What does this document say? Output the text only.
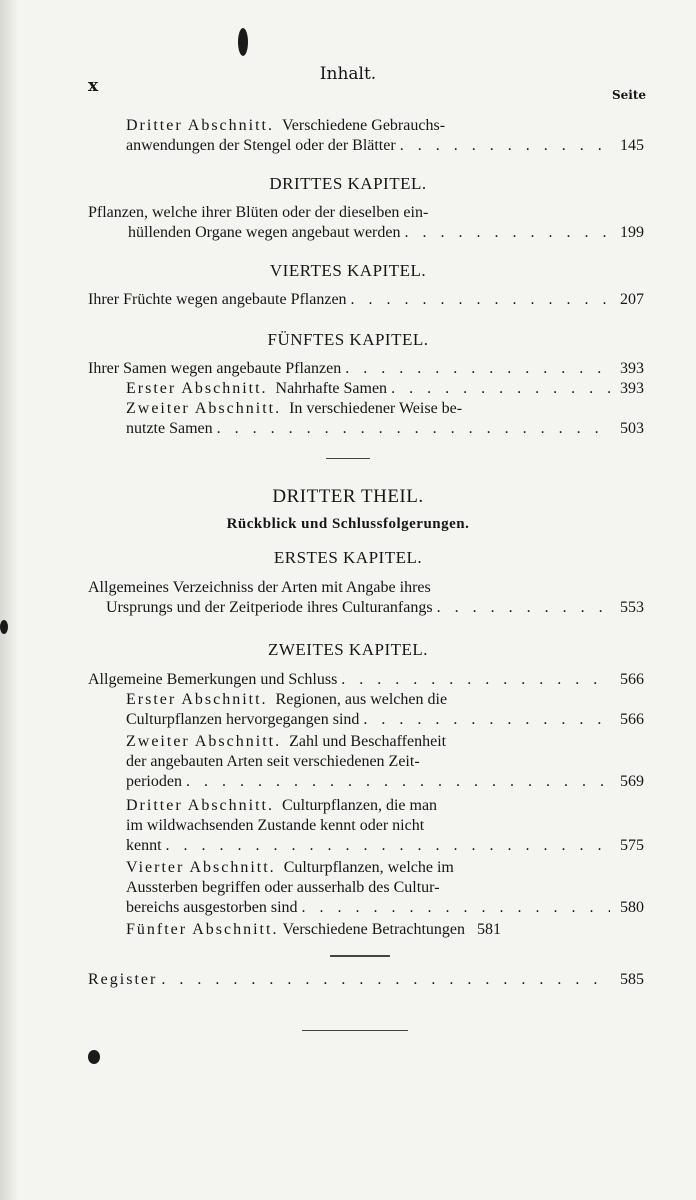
x
Inhalt.
Seite
Dritter Abschnitt.
Verschiedene Gebrauchs-
anwendungen der Stengel oder der Blätter . . .	145
DRITTES KAPITEL.
Pflanzen, welche ihrer Blüten oder der dieselben ein-
hüllenden Organe wegen angebaut werden . . .	199
VIERTES KAPITEL.
Ihrer Früchte wegen angebaute Pflanzen . . .	207
FÜNFTES KAPITEL.
Ihrer Samen wegen angebaute Pflanzen . . .	393
Erster Abschnitt.
Nahrhafte Samen . . .	393
Zweiter Abschnitt.
In verschiedener Weise be-
nutzte Samen . . .	503
DRITTER THEIL.
Rückblick und Schlussfolgerungen.
ERSTES KAPITEL.
Allgemeines Verzeichniss der Arten mit Angabe ihres
Ursprungs und der Zeitperiode ihres Culturanfangs . . .	553
ZWEITES KAPITEL.
Allgemeine Bemerkungen und Schluss . . .	566
Erster Abschnitt.
Regionen, aus welchen die
Culturpflanzen hervorgegangen sind . . .	566
Zweiter Abschnitt.
Zahl und Beschaffenheit
der angebauten Arten seit verschiedenen Zeit-
perioden . . .	569
Dritter Abschnitt.
Culturpflanzen, die man
im wildwachsenden Zustande kennt oder nicht
kennt . . .	575
Vierter Abschnitt.
Culturpflanzen, welche im
Aussterben begriffen oder ausserhalb des Cultur-
bereichs ausgestorben sind . . .	580
Fünfter Abschnitt.
Verschiedene Betrachtungen 581
Register . . .	585
